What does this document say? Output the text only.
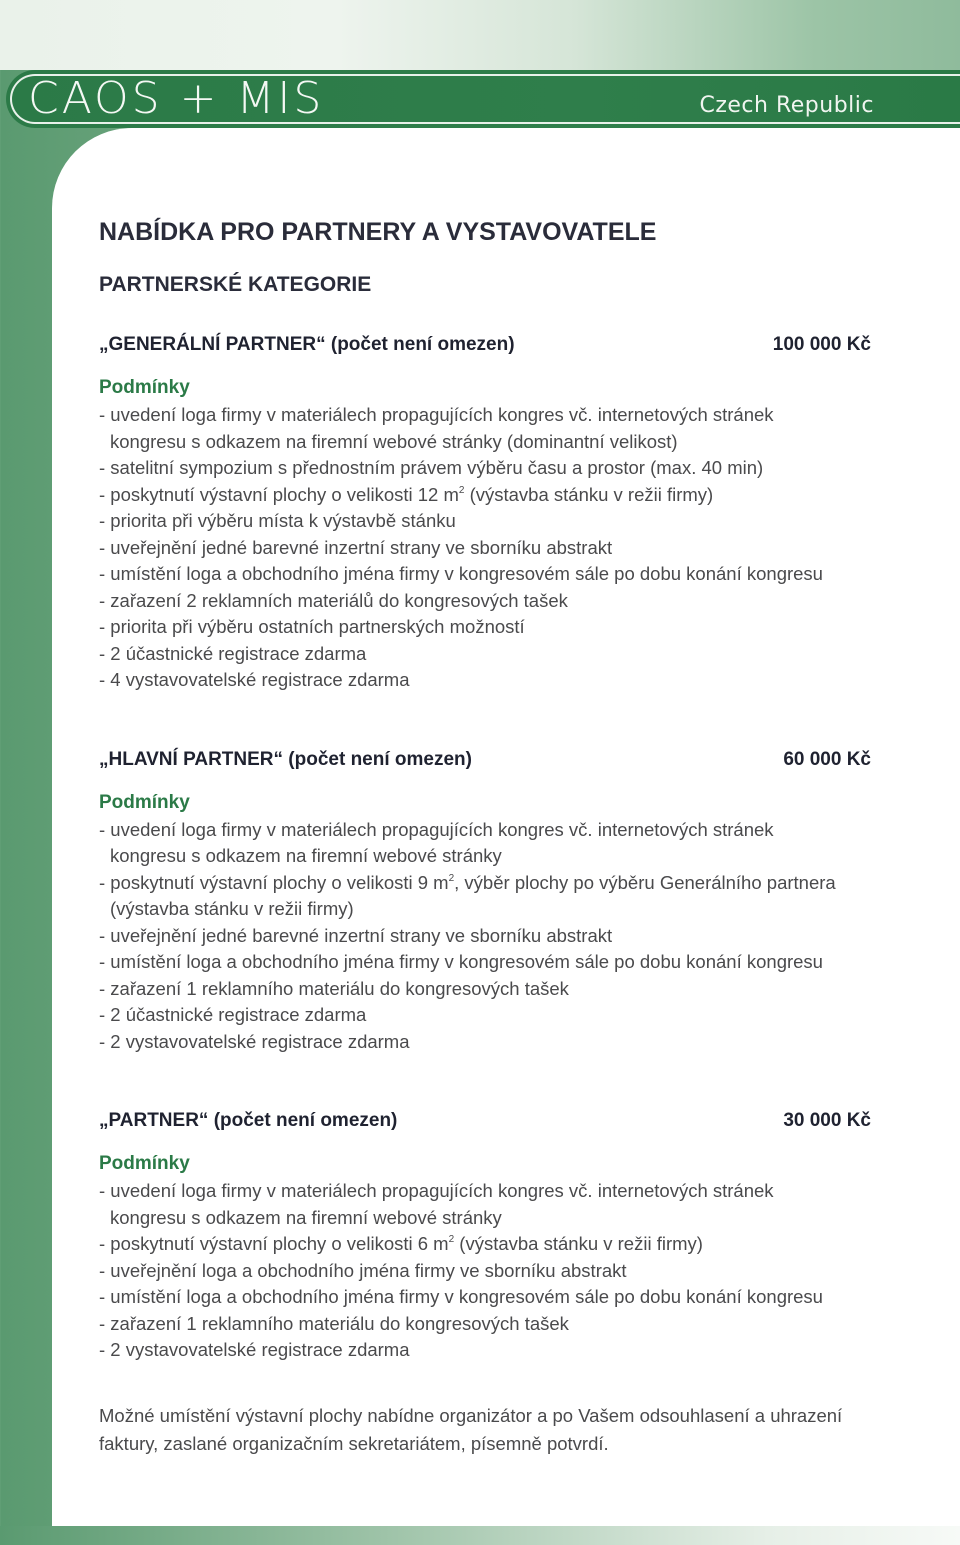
CAOS + MIS	Czech Republic
NABÍDKA PRO PARTNERY A VYSTAVOVATELE
PARTNERSKÉ KATEGORIE
„GENERÁLNÍ PARTNER“ (počet není omezen)	100 000 Kč
Podmínky
- uvedení loga firmy v materiálech propagujících kongres vč. internetových stránek
kongresu s odkazem na firemní webové stránky (dominantní velikost)
- satelitní sympozium s přednostním právem výběru času a prostor (max. 40 min)
- poskytnutí výstavní plochy o velikosti 12 $m^2$ (výstavba stánku v režii firmy)
- priorita při výběru místa k výstavbě stánku
- uveřejnění jedné barevné inzertní strany ve sborníku abstrakt
- umístění loga a obchodního jména firmy v kongresovém sále po dobu konání kongresu
- zařazení 2 reklamních materiálů do kongresových tašek
- priorita při výběru ostatních partnerských možností
- 2 účastnické registrace zdarma
- 4 vystavovatelské registrace zdarma
„HLAVNÍ PARTNER“ (počet není omezen)	60 000 Kč
Podmínky
- uvedení loga firmy v materiálech propagujících kongres vč. internetových stránek
kongresu s odkazem na firemní webové stránky
- poskytnutí výstavní plochy o velikosti 9 $m^2$, výběr plochy po výběru Generálního partnera
(výstavba stánku v režii firmy)
- uveřejnění jedné barevné inzertní strany ve sborníku abstrakt
- umístění loga a obchodního jména firmy v kongresovém sále po dobu konání kongresu
- zařazení 1 reklamního materiálu do kongresových tašek
- 2 účastnické registrace zdarma
- 2 vystavovatelské registrace zdarma
„PARTNER“ (počet není omezen)	30 000 Kč
Podmínky
- uvedení loga firmy v materiálech propagujících kongres vč. internetových stránek
kongresu s odkazem na firemní webové stránky
- poskytnutí výstavní plochy o velikosti 6 $m^2$ (výstavba stánku v režii firmy)
- uveřejnění loga a obchodního jména firmy ve sborníku abstrakt
- umístění loga a obchodního jména firmy v kongresovém sále po dobu konání kongresu
- zařazení 1 reklamního materiálu do kongresových tašek
- 2 vystavovatelské registrace zdarma
Možné umístění výstavní plochy nabídne organizátor a po Vašem odsouhlasení a uhrazení faktury, zaslané organizačním sekretariátem, písemně potvrdí.
